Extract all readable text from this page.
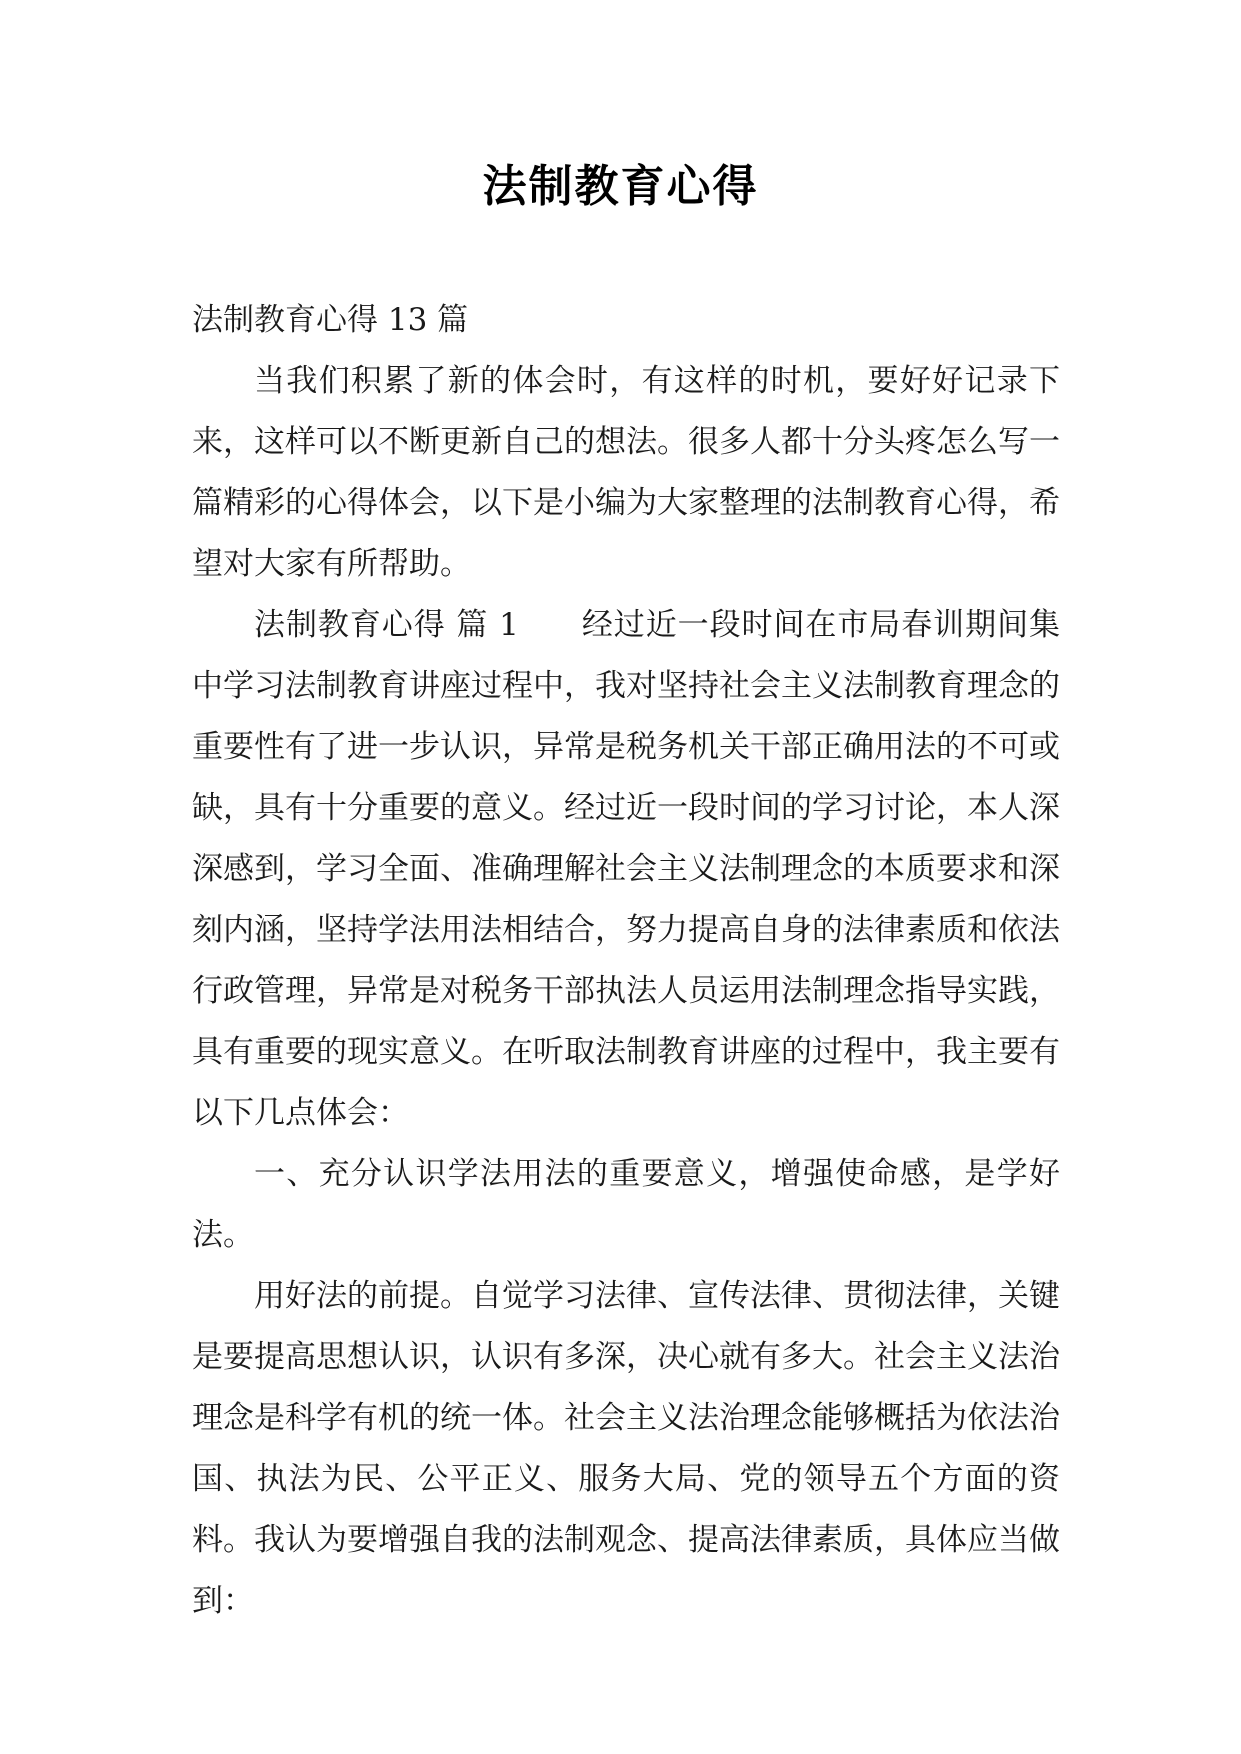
法制教育心得

法制教育心得 13 篇

当我们积累了新的体会时，有这样的时机，要好好记录下来，这样可以不断更新自己的想法。很多人都十分头疼怎么写一篇精彩的心得体会，以下是小编为大家整理的法制教育心得，希望对大家有所帮助。

法制教育心得 篇 1 经过近一段时间在市局春训期间集中学习法制教育讲座过程中，我对坚持社会主义法制教育理念的重要性有了进一步认识，异常是税务机关干部正确用法的不可或缺，具有十分重要的意义。经过近一段时间的学习讨论，本人深深感到，学习全面、准确理解社会主义法制理念的本质要求和深刻内涵，坚持学法用法相结合，努力提高自身的法律素质和依法行政管理，异常是对税务干部执法人员运用法制理念指导实践，具有重要的现实意义。在听取法制教育讲座的过程中，我主要有以下几点体会：

一、充分认识学法用法的重要意义，增强使命感，是学好法。

用好法的前提。自觉学习法律、宣传法律、贯彻法律，关键是要提高思想认识，认识有多深，决心就有多大。社会主义法治理念是科学有机的统一体。社会主义法治理念能够概括为依法治国、执法为民、公平正义、服务大局、党的领导五个方面的资料。我认为要增强自我的法制观念、提高法律素质，具体应当做到：
